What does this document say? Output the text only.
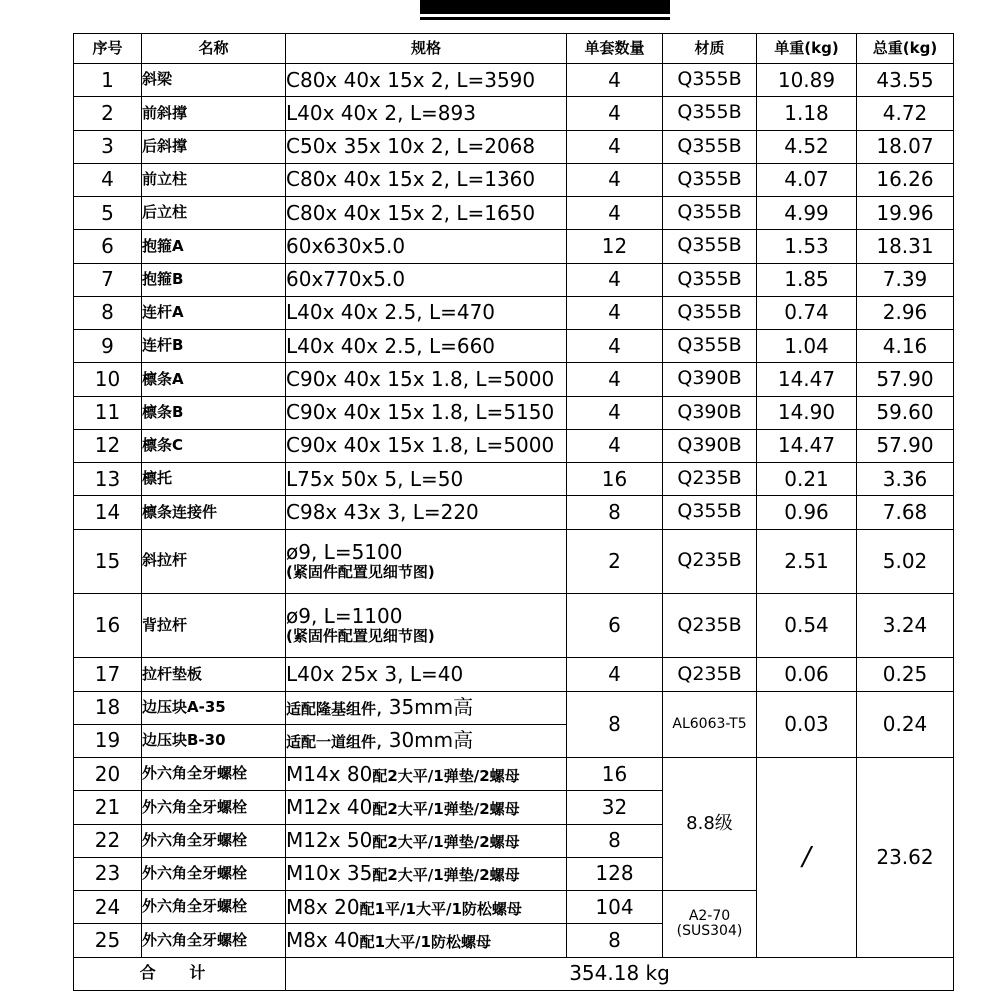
序号	名称	规格	单套数量	材质	单重(kg)	总重(kg)
1	斜梁	C80x 40x 15x 2, L=3590	4	Q355B	10.89	43.55
2	前斜撑	L40x 40x 2, L=893	4	Q355B	1.18	4.72
3	后斜撑	C50x 35x 10x 2, L=2068	4	Q355B	4.52	18.07
4	前立柱	C80x 40x 15x 2, L=1360	4	Q355B	4.07	16.26
5	后立柱	C80x 40x 15x 2, L=1650	4	Q355B	4.99	19.96
6	抱箍A	60x630x5.0	12	Q355B	1.53	18.31
7	抱箍B	60x770x5.0	4	Q355B	1.85	7.39
8	连杆A	L40x 40x 2.5, L=470	4	Q355B	0.74	2.96
9	连杆B	L40x 40x 2.5, L=660	4	Q355B	1.04	4.16
10	檩条A	C90x 40x 15x 1.8, L=5000	4	Q390B	14.47	57.90
11	檩条B	C90x 40x 15x 1.8, L=5150	4	Q390B	14.90	59.60
12	檩条C	C90x 40x 15x 1.8, L=5000	4	Q390B	14.47	57.90
13	檩托	L75x 50x 5, L=50	16	Q235B	0.21	3.36
14	檩条连接件	C98x 43x 3, L=220	8	Q355B	0.96	7.68
15	斜拉杆	ø9, L=5100
(紧固件配置见细节图)	2	Q235B	2.51	5.02
16	背拉杆	ø9, L=1100
(紧固件配置见细节图)	6	Q235B	0.54	3.24
17	拉杆垫板	L40x 25x 3, L=40	4	Q235B	0.06	0.25
18	边压块A-35	适配隆基组件, 35mm高	8	AL6063-T5	0.03	0.24
19	边压块B-30	适配一道组件, 30mm高				
20	外六角全牙螺栓	M14x 80配2大平/1弹垫/2螺母	16	8.8级	/	23.62
21	外六角全牙螺栓	M12x 40配2大平/1弹垫/2螺母	32			
22	外六角全牙螺栓	M12x 50配2大平/1弹垫/2螺母	8			
23	外六角全牙螺栓	M10x 35配2大平/1弹垫/2螺母	128			
24	外六角全牙螺栓	M8x 20配1平/1大平/1防松螺母	104	A2-70
(SUS304)		
25	外六角全牙螺栓	M8x 40配1大平/1防松螺母	8			
合 计		354.18 kg				
